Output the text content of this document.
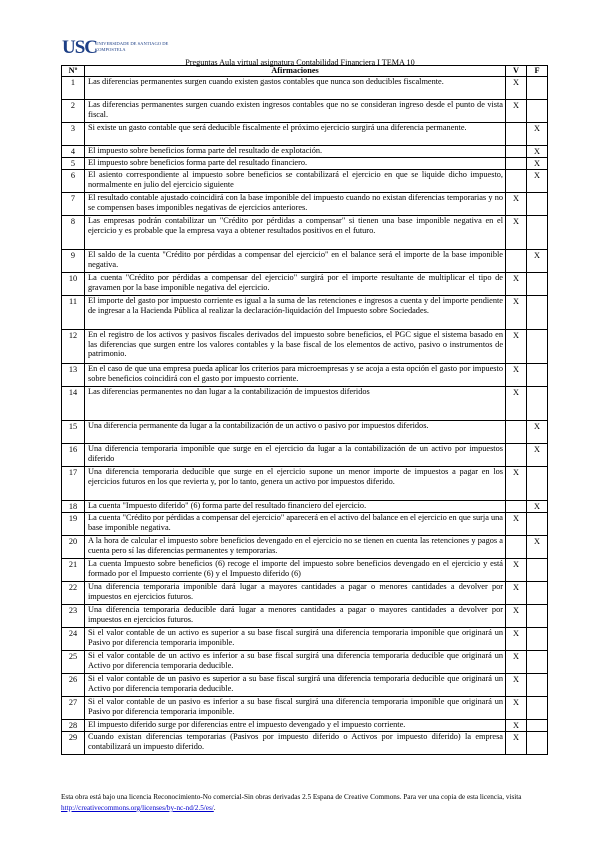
USC
UNIVERSIDADE DE SANTIAGO DE COMPOSTELA
Preguntas Aula virtual asignatura Contabilidad Financiera I TEMA 10
Nº	Afirmaciones	V	F
1	Las diferencias permanentes surgen cuando existen gastos contables que nunca son deducibles fiscalmente.	X	
2	Las diferencias permanentes surgen cuando existen ingresos contables que no se consideran ingreso desde el punto de vista fiscal.	X	
3	Si existe un gasto contable que será deducible fiscalmente el próximo ejercicio surgirá una diferencia permanente.		X
4	El impuesto sobre beneficios forma parte del resultado de explotación.		X
5	El impuesto sobre beneficios forma parte del resultado financiero.		X
6	El asiento correspondiente al impuesto sobre beneficios se contabilizará el ejercicio en que se liquide dicho impuesto, normalmente en julio del ejercicio siguiente		X
7	El resultado contable ajustado coincidirá con la base imponible del impuesto cuando no existan diferencias temporarias y no se compensen bases imponibles negativas de ejercicios anteriores.	X	
8	Las empresas podrán contabilizar un "Crédito por pérdidas a compensar" si tienen una base imponible negativa en el ejercicio y es probable que la empresa vaya a obtener resultados positivos en el futuro.	X	
9	El saldo de la cuenta "Crédito por pérdidas a compensar del ejercicio" en el balance será el importe de la base imponible negativa.		X
10	La cuenta "Crédito por pérdidas a compensar del ejercicio" surgirá por el importe resultante de multiplicar el tipo de gravamen por la base imponible negativa del ejercicio.	X	
11	El importe del gasto por impuesto corriente es igual a la suma de las retenciones e ingresos a cuenta y del importe pendiente de ingresar a la Hacienda Pública al realizar la declaración-liquidación del Impuesto sobre Sociedades.	X	
12	En el registro de los activos y pasivos fiscales derivados del impuesto sobre beneficios, el PGC sigue el sistema basado en las diferencias que surgen entre los valores contables y la base fiscal de los elementos de activo, pasivo o instrumentos de patrimonio.	X	
13	En el caso de que una empresa pueda aplicar los criterios para microempresas y se acoja a esta opción el gasto por impuesto sobre beneficios coincidirá con el gasto por impuesto corriente.	X	
14	Las diferencias permanentes no dan lugar a la contabilización de impuestos diferidos	X	
15	Una diferencia permanente da lugar a la contabilización de un activo o pasivo por impuestos diferidos.		X
16	Una diferencia temporaria imponible que surge en el ejercicio da lugar a la contabilización de un activo por impuestos diferido		X
17	Una diferencia temporaria deducible que surge en el ejercicio supone un menor importe de impuestos a pagar en los ejercicios futuros en los que revierta y, por lo tanto, genera un activo por impuestos diferido.	X	
18	La cuenta "Impuesto diferido" (6) forma parte del resultado financiero del ejercicio.		X
19	La cuenta "Crédito por pérdidas a compensar del ejercicio" aparecerá en el activo del balance en el ejercicio en que surja una base imponible negativa.	X	
20	A la hora de calcular el impuesto sobre beneficios devengado en el ejercicio no se tienen en cuenta las retenciones y pagos a cuenta pero sí las diferencias permanentes y temporarias.		X
21	La cuenta Impuesto sobre beneficios (6) recoge el importe del impuesto sobre beneficios devengado en el ejercicio y está formado por el Impuesto corriente (6) y el Impuesto diferido (6)	X	
22	Una diferencia temporaria imponible dará lugar a mayores cantidades a pagar o menores cantidades a devolver por impuestos en ejercicios futuros.	X	
23	Una diferencia temporaria deducible dará lugar a menores cantidades a pagar o mayores cantidades a devolver por impuestos en ejercicios futuros.	X	
24	Si el valor contable de un activo es superior a su base fiscal surgirá una diferencia temporaria imponible que originará un Pasivo por diferencia temporaria imponible.	X	
25	Si el valor contable de un activo es inferior a su base fiscal surgirá una diferencia temporaria deducible que originará un Activo por diferencia temporaria deducible.	X	
26	Si el valor contable de un pasivo es superior a su base fiscal surgirá una diferencia temporaria deducible que originará un Activo por diferencia temporaria deducible.	X	
27	Si el valor contable de un pasivo es inferior a su base fiscal surgirá una diferencia temporaria imponible que originará un Pasivo por diferencia temporaria imponible.	X	
28	El impuesto diferido surge por diferencias entre el impuesto devengado y el impuesto corriente.	X	
29	Cuando existan diferencias temporarias (Pasivos por impuesto diferido o Activos por impuesto diferido) la empresa contabilizará un impuesto diferido.	X	
Esta obra está bajo una licencia Reconocimiento-No comercial-Sin obras derivadas 2.5 Espana de Creative Commons. Para ver una copia de esta licencia, visita http://creativecommons.org/licenses/by-nc-nd/2.5/es/.
